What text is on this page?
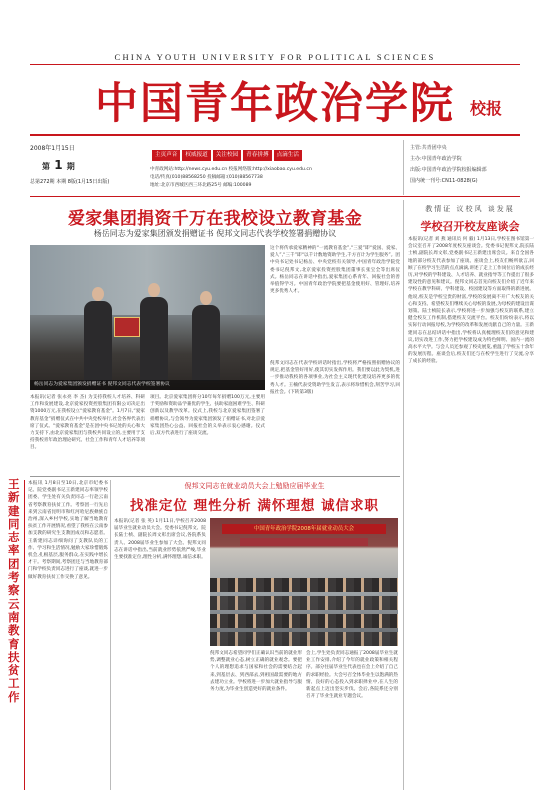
CHINA YOUTH UNIVERSITY FOR POLITICAL SCIENCES
中国青年政治学院 校报
2008年1月15日
第 1 期
总第272期 本期 8版(1月15日出版)
主页声音	权威报道	关注校园	青春拼搏	点滴生活
中青政网站:http://news.cyu.edu.cn 校报网络版:http://xiaobao.cyu.edu.cn
电话/传真(010)88568250 投稿邮箱:(010)88567738
地址:北京市西城区西三环北路25号 邮编:100089
主管:共青团中央
主办:中国青年政治学院
出版:中国青年政治学院校报编辑部
国内统一刊号:CN11-0828(G)
爱家集团捐资千万在我校设立教育基金
杨岳同志为爱家集团颁发捐赠证书 倪邦文同志代表学校签署捐赠协议
杨岳同志为爱家集团颁发捐赠证书 倪邦文同志代表学校签署协议
这个将传承爱家精神的“一流教育基金”,“三爱”即“爱国、爱家、爱人”,“三千”即“以千计数地资助学生,千方百计为学生服务”。团中央书记处书记杨岳、中央党校有关领导,中国青年政治学院党委书记倪邦文,北京爱家投资控股集团董事长张宝全等出席仪式。杨岳同志在讲话中指出,爱家集团心系青年、回报社会的善举值得学习。中国青年政治学院要把基金使用好、管理好,培养更多优秀人才。
倪邦文同志在代表学校讲话时指出,学校将严格按照捐赠协议的规定,把基金管好用好,使其切实发挥作用。我们要以此为契机,进一步推动我校的各项事业,为社会主义现代化建设培养更多的优秀人才。王楠代表受资助学生发言,表示将珍惜机会,刻苦学习,回报社会。(下转第3版)
本报讯(记者 张永亮 李 杰) 为支持我校人才培养、科研工作和发展建设,北京爱家投资控股集团有限公司决定出资1000万元,在我校设立“爱家教育基金”。1月7日,“爱家教育基金”捐赠仪式在中共中央党校举行,社会各界代表出席了仪式。“爱家教育基金”是在团中央书记处的关心和大力支持下,由北京爱家集团与我校共同设立的,主要用于支持我校青年政治理论研究、社会工作和青年人才培养等项目。
项目。北京爱家集团将分10年每年捐赠100万元,主要用于奖励和资助品学兼优的学生、扶助家庭困难学生、科研创新以及教学改革。仪式上,我校与北京爱家集团签署了捐赠协议,与会领导为爱家集团颁发了捐赠证书,对北京爱家集团热心公益、回报社会的义举表示衷心感谢。仪式后,双方代表进行了座谈交流。
教情证 议校风 谈发展
学校召开校友座谈会
本报讯(记者 刘 燕 通讯员 何 毅) 1月13日,学校在图书馆第一会议室召开了2008年度校友座谈会。党委书记倪邦文,院长陆士桢,副院长周文彰,党委副书记王新建出席会议。来自全国各地的部分校友代表参加了座谈。座谈会上,校友们畅所欲言,回顾了在校学习生活的点点滴滴,讲述了走上工作岗位后的成长经历,对学校的学科建设、人才培养、就业指导等工作提出了很多建设性的意见和建议。倪邦文同志首先向校友们介绍了近年来学校在教学科研、学科建设、校园建设等方面取得的新进展。他说,校友是学校宝贵的财富,学校的发展离不开广大校友的关心和支持。希望校友们继续关心母校的发展,为母校的建设出谋划策。陆士桢院长表示,学校将进一步加强与校友的联系,建立健全校友工作机制,搭建校友交流平台。校友们纷纷表示,将以实际行动回报母校,为学校的改革和发展贡献自己的力量。王新建同志在总结讲话中指出,学校将认真梳理校友们的意见和建议,切实改进工作,努力把学校建设成为特色鲜明、国内一流的高水平大学。与会人员还参观了校史展览,重温了学校五十余年的发展历程。座谈会后,校友们还与在校学生进行了交流,分享了成长的经验。
王新建同志率团考察云南教育扶贫工作
本报讯 1月8日至10日,北京市纪委书记、院党委副书记王新建同志率领学校团委、学生处有关负责同志一行赴云南省考察教育扶贫工作。考察团一行先后来到云南省昆明市和红河哈尼族彝族自治州,深入乡村学校,实地了解当地教育扶贫工作开展情况,看望了我校在云南参加支教的研究生支教团成员和志愿者。王新建同志详细询问了支教队员的工作、学习和生活情况,勉励大家珍惜锻炼机会,扎根基层,服务群众,在实践中增长才干。考察期间,考察团还与当地教育部门和学校负责同志进行了座谈,就进一步做好教育扶贫工作交换了意见。
倪邦文同志在就业动员大会上勉励应届毕业生
找准定位 理性分析 满怀理想 诚信求职
本报讯(记者 张 英) 1月11日,学校召开2008届毕业生就业动员大会。党委书记倪邦文、院长陆士桢、副院长周文彰出席会议,各院系负责人、2008届毕业生参加了大会。倪邦文同志在讲话中指出,当前就业形势依然严峻,毕业生要找准定位,理性分析,满怀理想,诚信求职。
中国青年政治学院2008年届就业动员大会
倪邦文同志希望同学们正确认识当前的就业形势,调整就业心态,树立正确的就业观念。要把个人的理想追求与国家和社会的需要结合起来,到基层去、到西部去,到祖国最需要的地方去建功立业。学校将进一步加大就业指导与服务力度,为毕业生创造更好的就业条件。
会上,学生处负责同志通报了2008届毕业生就业工作安排,介绍了今年的就业政策和相关程序。部分往届毕业生代表也在会上介绍了自己的求职经验。大会号召全体毕业生以饱满的热情、良好的心态投入到求职择业中,在人生的新起点上迈出坚实步伐。会后,各院系还分别召开了毕业生就业专题会议。
